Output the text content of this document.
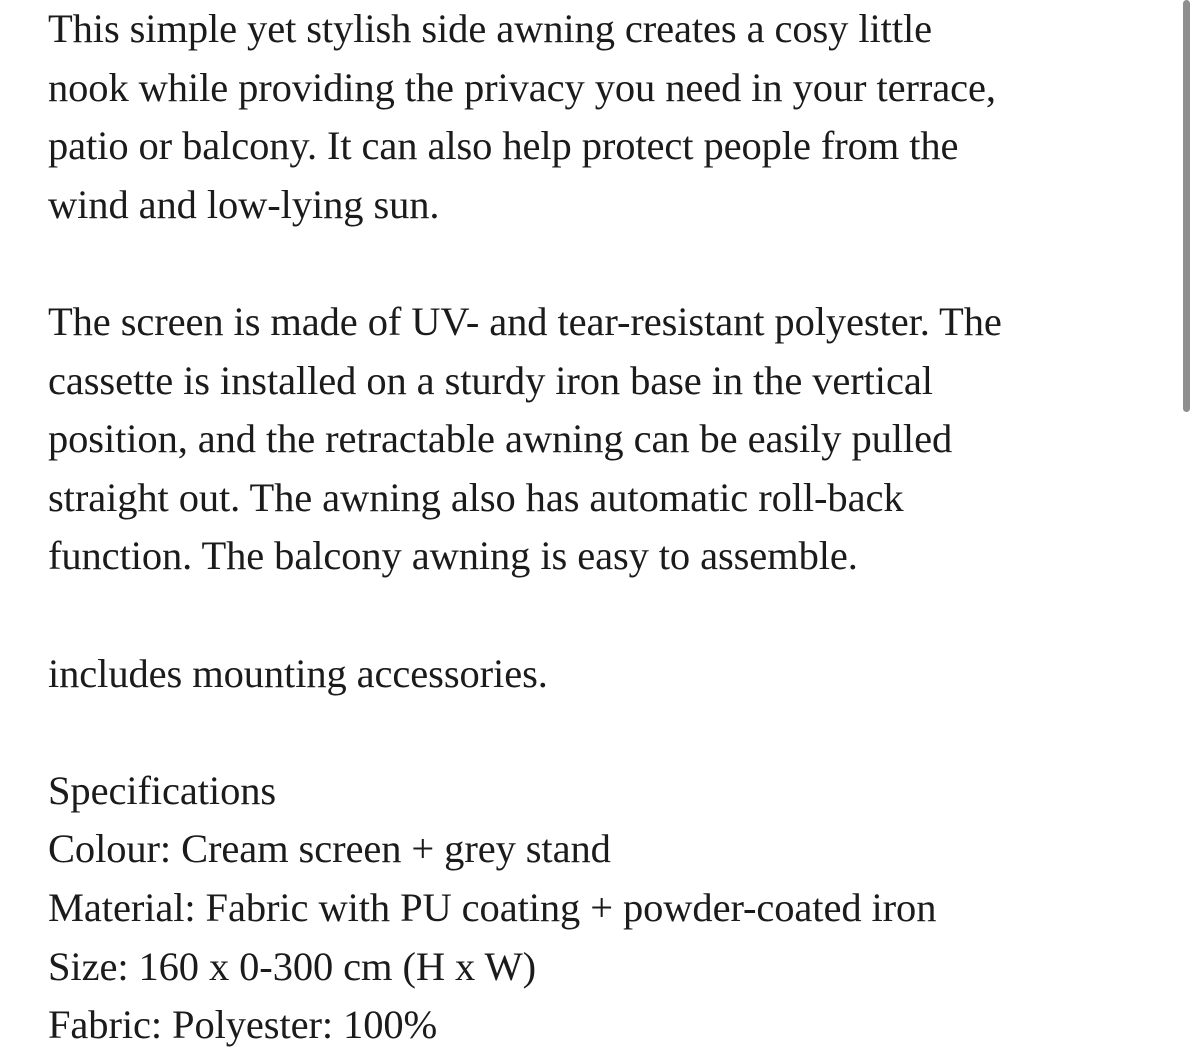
This simple yet stylish side awning creates a cosy little
nook while providing the privacy you need in your terrace,
patio or balcony. It can also help protect people from the
wind and low-lying sun.

The screen is made of UV- and tear-resistant polyester. The
cassette is installed on a sturdy iron base in the vertical
position, and the retractable awning can be easily pulled
straight out. The awning also has automatic roll-back
function. The balcony awning is easy to assemble.

includes mounting accessories.

Specifications
Colour: Cream screen + grey stand
Material: Fabric with PU coating + powder-coated iron
Size: 160 x 0-300 cm (H x W)
Fabric: Polyester: 100%
